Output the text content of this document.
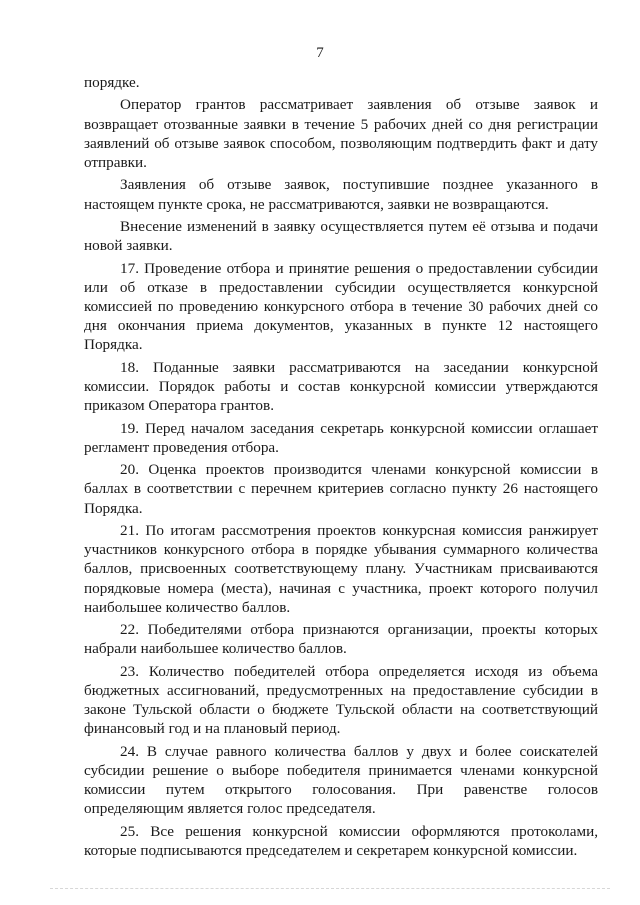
7

порядке.

Оператор грантов рассматривает заявления об отзыве заявок и возвращает отозванные заявки в течение 5 рабочих дней со дня регистрации заявлений об отзыве заявок способом, позволяющим подтвердить факт и дату отправки.

Заявления об отзыве заявок, поступившие позднее указанного в настоящем пункте срока, не рассматриваются, заявки не возвращаются.

Внесение изменений в заявку осуществляется путем её отзыва и подачи новой заявки.

17. Проведение отбора и принятие решения о предоставлении субсидии или об отказе в предоставлении субсидии осуществляется конкурсной комиссией по проведению конкурсного отбора в течение 30 рабочих дней со дня окончания приема документов, указанных в пункте 12 настоящего Порядка.

18. Поданные заявки рассматриваются на заседании конкурсной комиссии. Порядок работы и состав конкурсной комиссии утверждаются приказом Оператора грантов.

19. Перед началом заседания секретарь конкурсной комиссии оглашает регламент проведения отбора.

20. Оценка проектов производится членами конкурсной комиссии в баллах в соответствии с перечнем критериев согласно пункту 26 настоящего Порядка.

21. По итогам рассмотрения проектов конкурсная комиссия ранжирует участников конкурсного отбора в порядке убывания суммарного количества баллов, присвоенных соответствующему плану. Участникам присваиваются порядковые номера (места), начиная с участника, проект которого получил наибольшее количество баллов.

22. Победителями отбора признаются организации, проекты которых набрали наибольшее количество баллов.

23. Количество победителей отбора определяется исходя из объема бюджетных ассигнований, предусмотренных на предоставление субсидии в законе Тульской области о бюджете Тульской области на соответствующий финансовый год и на плановый период.

24. В случае равного количества баллов у двух и более соискателей субсидии решение о выборе победителя принимается членами конкурсной комиссии путем открытого голосования. При равенстве голосов определяющим является голос председателя.

25. Все решения конкурсной комиссии оформляются протоколами, которые подписываются председателем и секретарем конкурсной комиссии.
